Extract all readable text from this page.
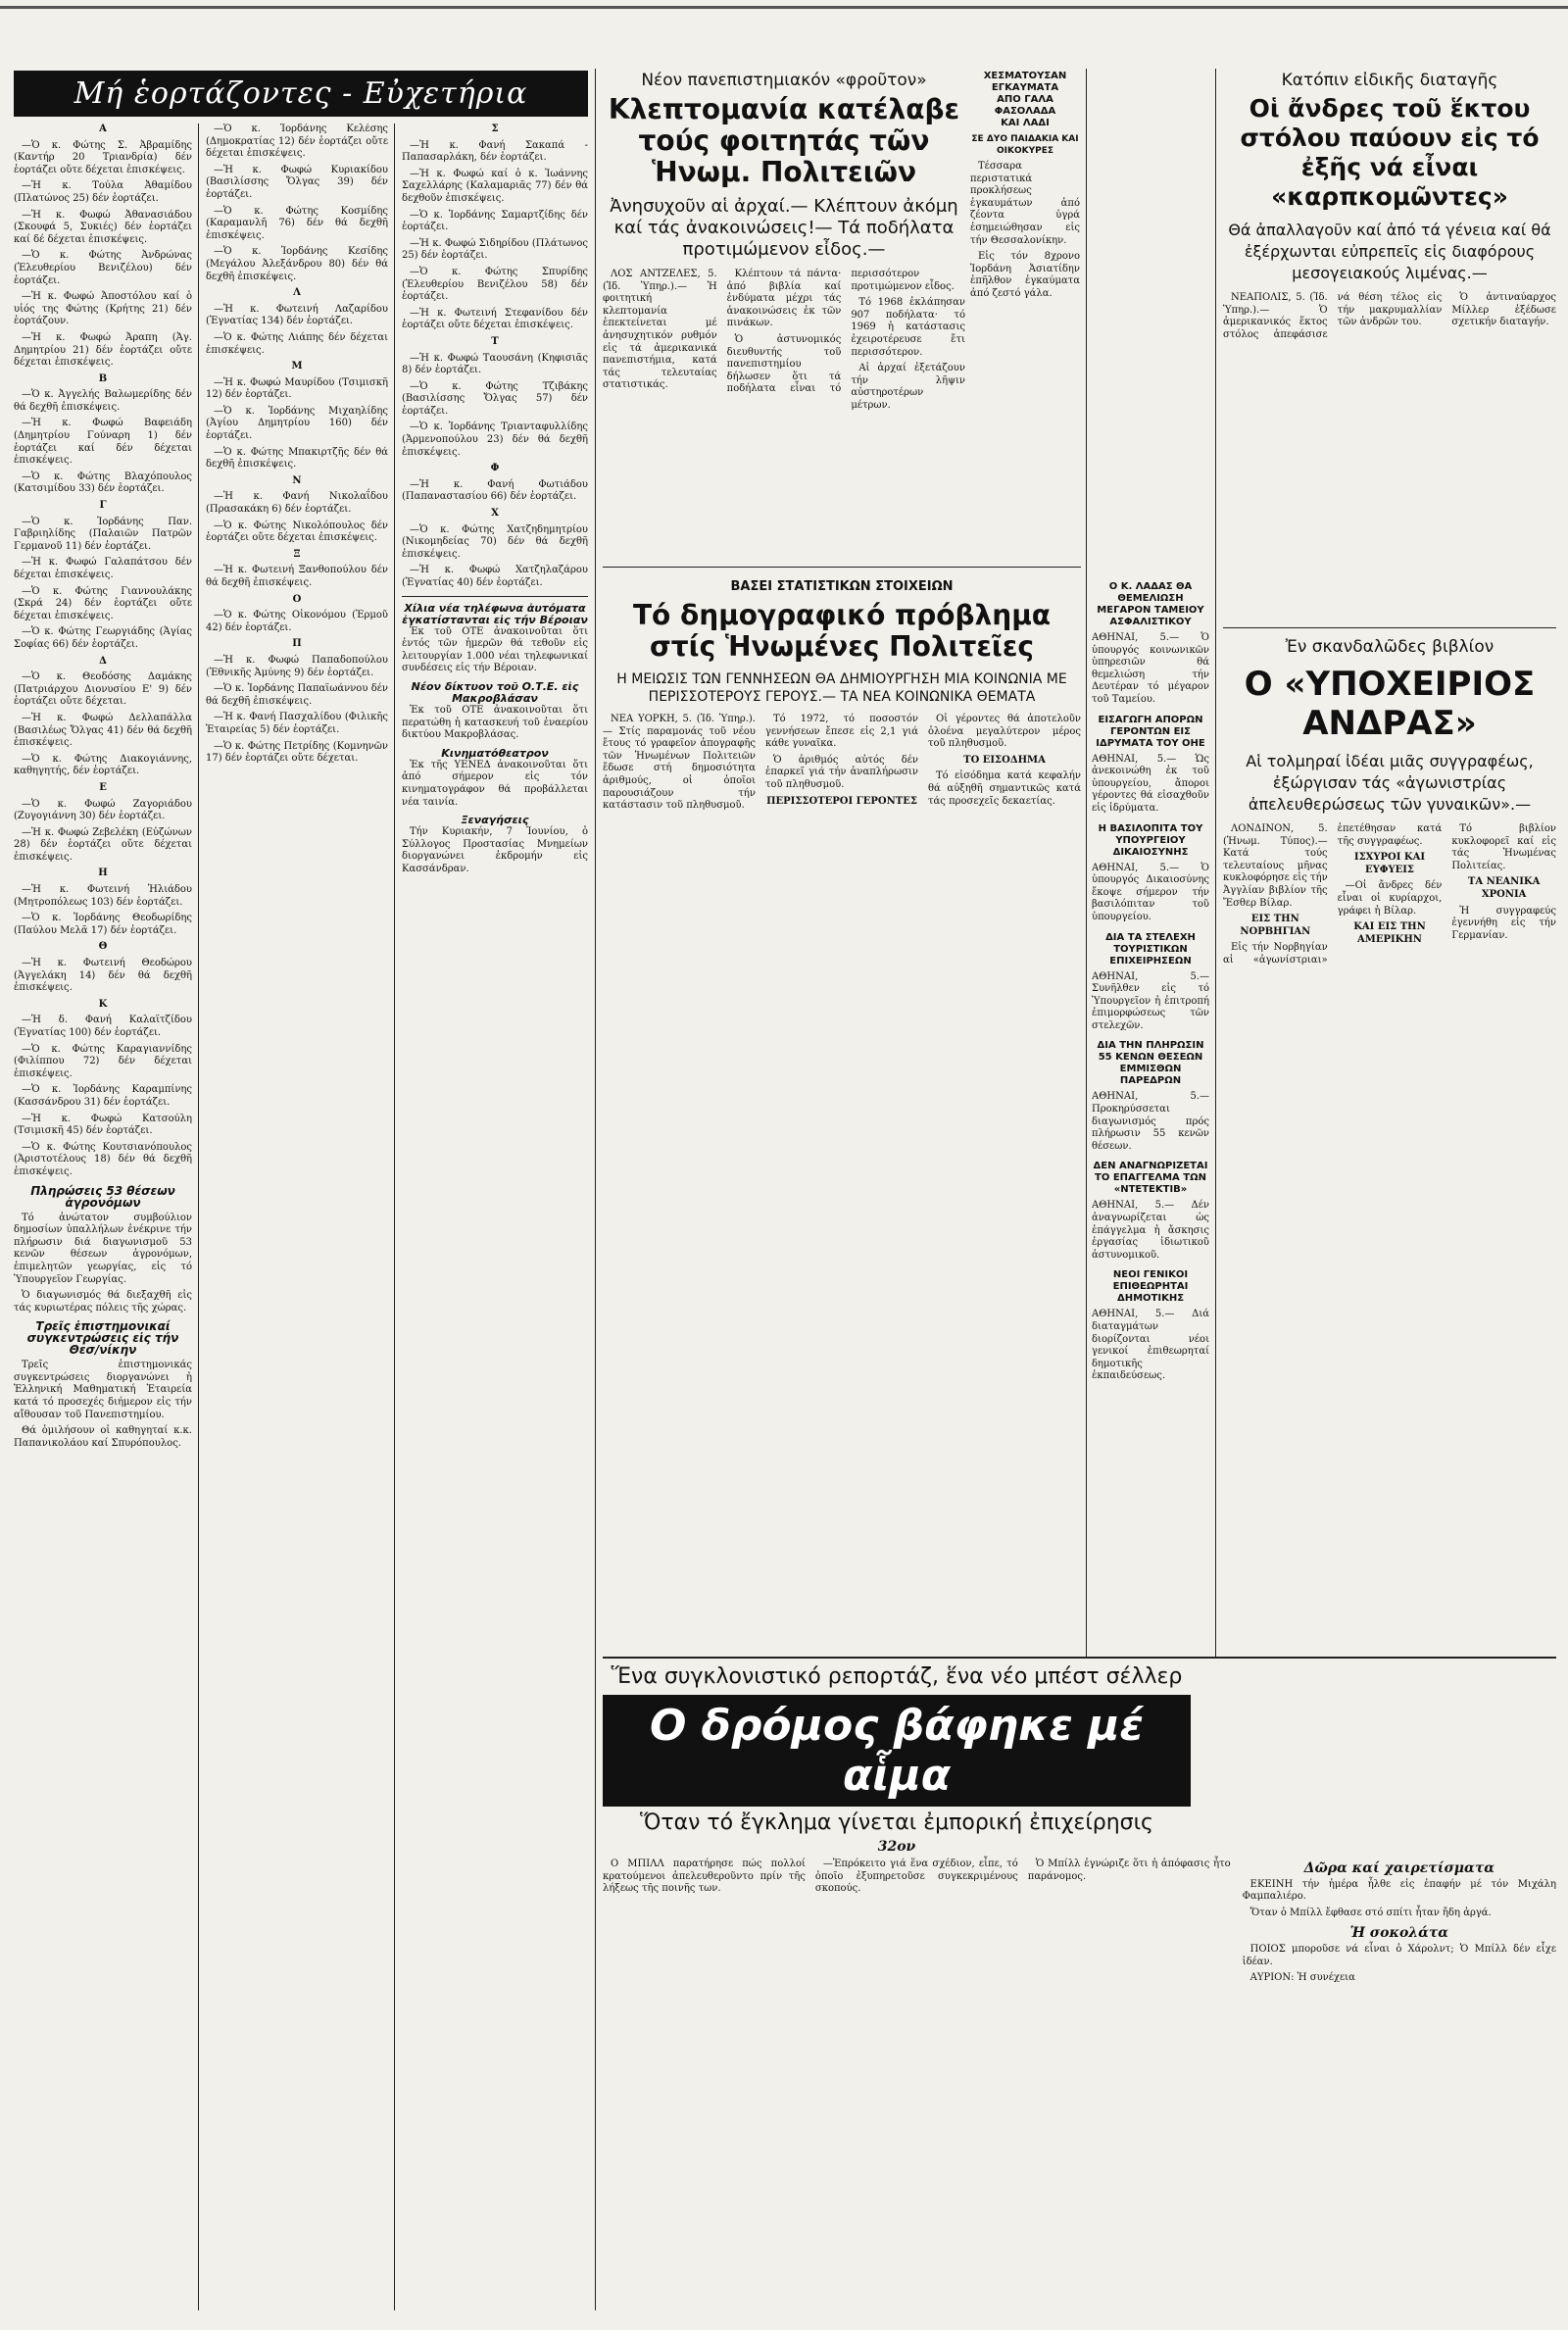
Μή ἑορτάζοντες - Εὐχετήρια

Α

—Ὁ κ. Φώτης Σ. Ἀβραμίδης (Καντήρ 20 Τριανδρία) δέν ἑορτάζει οὔτε δέχεται ἐπισκέψεις.

—Ἡ κ. Τούλα Ἀθαμίδου (Πλατώνος 25) δέν ἑορτάζει.

—Ἡ κ. Φωφώ Ἀθανασιάδου (Σκουφά 5, Συκιές) δέν ἑορτάζει καί δέ δέχεται ἐπισκέψεις.

—Ὁ κ. Φώτης Ἀνδρώνας (Ἐλευθερίου Βενιζέλου) δέν ἑορτάζει.

—Ἡ κ. Φωφώ Ἀποστόλου καί ὁ υἱός της Φώτης (Κρήτης 21) δέν ἑορτάζουν.

—Ἡ κ. Φωφώ Ἀραπη (Ἁγ. Δημητρίου 21) δέν ἑορτάζει οὔτε δέχεται ἐπισκέψεις.

Β

—Ὁ κ. Ἀγγελής Βαλωμερίδης δέν θά δεχθῆ ἐπισκέψεις.

—Ἡ κ. Φωφώ Βαφειάδη (Δημητρίου Γούναρη 1) δέν ἑορτάζει καί δέν δέχεται ἐπισκέψεις.

—Ὁ κ. Φώτης Βλαχόπουλος (Κατσιμίδου 33) δέν ἑορτάζει.

Γ

—Ὁ κ. Ἰορδάνης Παν. Γαβριηλίδης (Παλαιῶν Πατρῶν Γερμανοῦ 11) δέν ἑορτάζει.

—Ἡ κ. Φωφώ Γαλαπάτσου δέν δέχεται ἐπισκέψεις.

—Ὁ κ. Φώτης Γιαννουλάκης (Σκρά 24) δέν ἑορτάζει οὔτε δέχεται ἐπισκέψεις.

—Ὁ κ. Φώτης Γεωργιάδης (Ἁγίας Σοφίας 66) δέν ἑορτάζει.

Δ

—Ὁ κ. Θεοδόσης Δαμάκης (Πατριάρχου Διονυσίου Ε' 9) δέν ἑορτάζει οὔτε δέχεται.

—Ἡ κ. Φωφώ Δελλαπάλλα (Βασιλέως Ὄλγας 41) δέν θά δεχθῆ ἐπισκέψεις.

—Ὁ κ. Φώτης Διακογιάννης, καθηγητής, δέν ἑορτάζει.

Ε

—Ὁ κ. Φωφώ Ζαγοριάδου (Ζυγογιάννη 30) δέν ἑορτάζει.

—Ἡ κ. Φωφώ Ζεβελέκη (Εὐζώνων 28) δέν ἑορτάζει οὔτε δέχεται ἐπισκέψεις.

Η

—Ἡ κ. Φωτεινή Ἠλιάδου (Μητροπόλεως 103) δέν ἑορτάζει.

—Ὁ κ. Ἰορδάνης Θεοδωρίδης (Παύλου Μελᾶ 17) δέν ἑορτάζει.

Θ

—Ἡ κ. Φωτεινή Θεοδώρου (Ἀγγελάκη 14) δέν θά δεχθῆ ἐπισκέψεις.

Κ

—Ἡ δ. Φανή Καλαϊτζίδου (Ἐγνατίας 100) δέν ἑορτάζει.

—Ὁ κ. Φώτης Καραγιαννίδης (Φιλίππου 72) δέν δέχεται ἐπισκέψεις.

—Ὁ κ. Ἰορδάνης Καραμπίνης (Κασσάνδρου 31) δέν ἑορτάζει.

—Ἡ κ. Φωφώ Κατσούλη (Τσιμισκῆ 45) δέν ἑορτάζει.

—Ὁ κ. Φώτης Κουτσιανόπουλος (Ἀριστοτέλους 18) δέν θά δεχθῆ ἐπισκέψεις.

Πληρώσεις 53 θέσεων ἀγρονόμων

Τό ἀνώτατον συμβούλιον δημοσίων ὑπαλλήλων ἐνέκρινε τήν πλήρωσιν διά διαγωνισμοῦ 53 κενῶν θέσεων ἀγρονόμων, ἐπιμελητῶν γεωργίας, εἰς τό Ὑπουργεῖον Γεωργίας.

Ὁ διαγωνισμός θά διεξαχθῆ εἰς τάς κυριωτέρας πόλεις τῆς χώρας.

Τρεῖς ἐπιστημονικαί συγκεντρώσεις εἰς τήν Θεσ/νίκην

Τρεῖς ἐπιστημονικάς συγκεντρώσεις διοργανώνει ἡ Ἑλληνική Μαθηματική Ἑταιρεία κατά τό προσεχές διήμερον εἰς τήν αἴθουσαν τοῦ Πανεπιστημίου.

Θά ὁμιλήσουν οἱ καθηγηταί κ.κ. Παπανικολάου καί Σπυρόπουλος.

—Ὁ κ. Ἰορδάνης Κελέσης (Δημοκρατίας 12) δέν ἑορτάζει οὔτε δέχεται ἐπισκέψεις.

—Ἡ κ. Φωφώ Κυριακίδου (Βασιλίσσης Ὄλγας 39) δέν ἑορτάζει.

—Ὁ κ. Φώτης Κοσμίδης (Καραμανλῆ 76) δέν θά δεχθῆ ἐπισκέψεις.

—Ὁ κ. Ἰορδάνης Κεσίδης (Μεγάλου Ἀλεξάνδρου 80) δέν θά δεχθῆ ἐπισκέψεις.

Λ

—Ἡ κ. Φωτεινή Λαζαρίδου (Ἐγνατίας 134) δέν ἑορτάζει.

—Ὁ κ. Φώτης Λιάπης δέν δέχεται ἐπισκέψεις.

Μ

—Ἡ κ. Φωφώ Μαυρίδου (Τσιμισκῆ 12) δέν ἑορτάζει.

—Ὁ κ. Ἰορδάνης Μιχαηλίδης (Ἀγίου Δημητρίου 160) δέν ἑορτάζει.

—Ὁ κ. Φώτης Μπακιρτζῆς δέν θά δεχθῆ ἐπισκέψεις.

Ν

—Ἡ κ. Φανή Νικολαΐδου (Πρασακάκη 6) δέν ἑορτάζει.

—Ὁ κ. Φώτης Νικολόπουλος δέν ἑορτάζει οὔτε δέχεται ἐπισκέψεις.

Ξ

—Ἡ κ. Φωτεινή Ξανθοπούλου δέν θά δεχθῆ ἐπισκέψεις.

Ο

—Ὁ κ. Φώτης Οἰκονόμου (Ἐρμοῦ 42) δέν ἑορτάζει.

Π

—Ἡ κ. Φωφώ Παπαδοπούλου (Ἐθνικῆς Ἀμύνης 9) δέν ἑορτάζει.

—Ὁ κ. Ἰορδάνης Παπαϊωάννου δέν θά δεχθῆ ἐπισκέψεις.

—Ἡ κ. Φανή Πασχαλίδου (Φιλικῆς Ἑταιρείας 5) δέν ἑορτάζει.

—Ὁ κ. Φώτης Πετρίδης (Κομνηνῶν 17) δέν ἑορτάζει οὔτε δέχεται.

Σ

—Ἡ κ. Φανή Σακαπά - Παπασαρλάκη, δέν ἑορτάζει.

—Ἡ κ. Φωφώ καί ὁ κ. Ἰωάννης Σαχελλάρης (Καλαμαριᾶς 77) δέν θά δεχθοῦν ἐπισκέψεις.

—Ὁ κ. Ἰορδάνης Σαμαρτζίδης δέν ἑορτάζει.

—Ἡ κ. Φωφώ Σιδηρίδου (Πλάτωνος 25) δέν ἑορτάζει.

—Ὁ κ. Φώτης Σπυρίδης (Ἐλευθερίου Βενιζέλου 58) δέν ἑορτάζει.

—Ἡ κ. Φωτεινή Στεφανίδου δέν ἑορτάζει οὔτε δέχεται ἐπισκέψεις.

Τ

—Ἡ κ. Φωφώ Ταουσάνη (Κηφισιᾶς 8) δέν ἑορτάζει.

—Ὁ κ. Φώτης Τζιβάκης (Βασιλίσσης Ὄλγας 57) δέν ἑορτάζει.

—Ὁ κ. Ἰορδάνης Τριανταφυλλίδης (Ἀρμενοπούλου 23) δέν θά δεχθῆ ἐπισκέψεις.

Φ

—Ἡ κ. Φανή Φωτιάδου (Παπαναστασίου 66) δέν ἑορτάζει.

Χ

—Ὁ κ. Φώτης Χατζηδημητρίου (Νικομηδείας 70) δέν θά δεχθῆ ἐπισκέψεις.

—Ἡ κ. Φωφώ Χατζηλαζάρου (Ἐγνατίας 40) δέν ἑορτάζει.

Χίλια νέα τηλέφωνα ἀυτόματα ἐγκατίστανται εἰς τήν Βέροιαν

Ἐκ τοῦ ΟΤΕ ἀνακοινοῦται ὅτι ἐντός τῶν ἡμερῶν θά τεθοῦν εἰς λειτουργίαν 1.000 νέαι τηλεφωνικαί συνδέσεις εἰς τήν Βέροιαν.

Νέον δίκτυον τοῦ Ο.Τ.Ε. εἰς Μακροβλάσαν

Ἐκ τοῦ ΟΤΕ ἀνακοινοῦται ὅτι περατώθη ἡ κατασκευή τοῦ ἐναερίου δικτύου Μακροβλάσας.

Κινηματόθεατρον

Ἐκ τῆς ΥΕΝΕΔ ἀνακοινοῦται ὅτι ἀπό σήμερον εἰς τόν κινηματογράφον θά προβάλλεται νέα ταινία.

Ξεναγήσεις

Τήν Κυριακήν, 7 Ἰουνίου, ὁ Σύλλογος Προστασίας Μνημείων διοργανώνει ἐκδρομήν εἰς Κασσάνδραν.

Νέον πανεπιστημιακόν «φροῦτον»
Κλεπτομανία κατέλαβε τούς φοιτητάς τῶν Ἡνωμ. Πολιτειῶν
Ἀνησυχοῦν αἱ ἀρχαί.— Κλέπτουν ἀκόμη καί τάς ἀνακοινώσεις!— Τά ποδήλατα προτιμώμενον εἶδος.—

ΛΟΣ ΑΝΤΖΕΛΕΣ, 5. (Ἰδ. Ὑπηρ.).— Ἡ φοιτητική κλεπτομανία ἐπεκτείνεται μέ ἀνησυχητικόν ρυθμόν εἰς τά ἀμερικανικά πανεπιστήμια, κατά τάς τελευταίας στατιστικάς.

Κλέπτουν τά πάντα· ἀπό βιβλία καί ἐνδύματα μέχρι τάς ἀνακοινώσεις ἐκ τῶν πινάκων.

Ὁ ἀστυνομικός διευθυντής τοῦ πανεπιστημίου δήλωσεν ὅτι τά ποδήλατα εἶναι τό περισσότερον προτιμώμενον εἶδος.

Τό 1968 ἐκλάπησαν 907 ποδήλατα· τό 1969 ἡ κατάστασις ἐχειροτέρευσε ἔτι περισσότερον.

Αἱ ἀρχαί ἐξετάζουν τήν λῆψιν αὐστηροτέρων μέτρων.

ΧΕΣΜΑΤΟΥΣΑΝ
ΕΓΚΑΥΜΑΤΑ
ΑΠΟ ΓΑΛΑ
ΦΑΣΟΛΑΔΑ
ΚΑΙ ΛΑΔΙ
ΣΕ ΔΥΟ ΠΑΙΔΑΚΙΑ ΚΑΙ ΟΙΚΟΚΥΡΕΣ

Τέσσαρα περιστατικά προκλήσεως ἐγκαυμάτων ἀπό ζέοντα ὑγρά ἐσημειώθησαν εἰς τήν Θεσσαλονίκην.

Εἰς τόν 8χρονο Ἰορδάνη Ἀσιατίδην ἐπῆλθον ἐγκαύματα ἀπό ζεστό γάλα.

ΒΑΣΕΙ ΣΤΑΤΙΣΤΙΚΩΝ ΣΤΟΙΧΕΙΩΝ
Τό δημογραφικό πρόβλημα στίς Ἡνωμένες Πολιτεῖες
Η ΜΕΙΩΣΙΣ ΤΩΝ ΓΕΝΝΗΣΕΩΝ ΘΑ ΔΗΜΙΟΥΡΓΗΣΗ ΜΙΑ ΚΟΙΝΩΝΙΑ ΜΕ ΠΕΡΙΣΣΟΤΕΡΟΥΣ ΓΕΡΟΥΣ.— ΤΑ ΝΕΑ ΚΟΙΝΩΝΙΚΑ ΘΕΜΑΤΑ

ΝΕΑ ΥΟΡΚΗ, 5. (Ἰδ. Ὑπηρ.).— Στίς παραμονάς τοῦ νέου ἔτους τό γραφεῖον ἀπογραφῆς τῶν Ἡνωμένων Πολιτειῶν ἔδωσε στή δημοσιότητα ἀριθμούς, οἱ ὁποῖοι παρουσιάζουν τήν κατάστασιν τοῦ πληθυσμοῦ.

Τό 1972, τό ποσοστόν γεννήσεων ἔπεσε εἰς 2,1 γιά κάθε γυναῖκα.

Ὁ ἀριθμός αὐτός δέν ἐπαρκεῖ γιά τήν ἀναπλήρωσιν τοῦ πληθυσμοῦ.

ΠΕΡΙΣΣΟΤΕΡΟΙ ΓΕΡΟΝΤΕΣ

Οἱ γέροντες θά ἀποτελοῦν ὁλοένα μεγαλύτερον μέρος τοῦ πληθυσμοῦ.

ΤΟ ΕΙΣΟΔΗΜΑ

Τό εἰσόδημα κατά κεφαλήν θά αὐξηθῆ σημαντικῶς κατά τάς προσεχεῖς δεκαετίας.

Ο Κ. ΛΑΔΑΣ ΘΑ ΘΕΜΕΛΙΩΣΗ ΜΕΓΑΡΟΝ ΤΑΜΕΙΟΥ ΑΣΦΑΛΙΣΤΙΚΟΥ
ΑΘΗΝΑΙ, 5.— Ὁ ὑπουργός κοινωνικῶν ὑπηρεσιῶν θά θεμελιώση τήν Δευτέραν τό μέγαρον τοῦ Ταμείου.
ΕΙΣΑΓΩΓΗ ΑΠΟΡΩΝ ΓΕΡΟΝΤΩΝ ΕΙΣ ΙΔΡΥΜΑΤΑ ΤΟΥ ΟΗΕ
ΑΘΗΝΑΙ, 5.— Ὡς ἀνεκοινώθη ἐκ τοῦ ὑπουργείου, ἄποροι γέροντες θά εἰσαχθοῦν εἰς ἱδρύματα.
Η ΒΑΣΙΛΟΠΙΤΑ ΤΟΥ ΥΠΟΥΡΓΕΙΟΥ ΔΙΚΑΙΟΣΥΝΗΣ
ΑΘΗΝΑΙ, 5.— Ὁ ὑπουργός Δικαιοσύνης ἔκοψε σήμερον τήν βασιλόπιταν τοῦ ὑπουργείου.
ΔΙΑ ΤΑ ΣΤΕΛΕΧΗ ΤΟΥΡΙΣΤΙΚΩΝ ΕΠΙΧΕΙΡΗΣΕΩΝ
ΑΘΗΝΑΙ, 5.— Συνῆλθεν εἰς τό Ὑπουργεῖον ἡ ἐπιτροπή ἐπιμορφώσεως τῶν στελεχῶν.
ΔΙΑ ΤΗΝ ΠΛΗΡΩΣΙΝ 55 ΚΕΝΩΝ ΘΕΣΕΩΝ ΕΜΜΙΣΘΩΝ ΠΑΡΕΔΡΩΝ
ΑΘΗΝΑΙ, 5.— Προκηρύσσεται διαγωνισμός πρός πλήρωσιν 55 κενῶν θέσεων.
ΔΕΝ ΑΝΑΓΝΩΡΙΖΕΤΑΙ ΤΟ ΕΠΑΓΓΕΛΜΑ ΤΩΝ «ΝΤΕΤΕΚΤΙΒ»
ΑΘΗΝΑΙ, 5.— Δέν ἀναγνωρίζεται ὡς ἐπάγγελμα ἡ ἄσκησις ἐργασίας ἰδιωτικοῦ ἀστυνομικοῦ.
ΝΕΟΙ ΓΕΝΙΚΟΙ ΕΠΙΘΕΩΡΗΤΑΙ ΔΗΜΟΤΙΚΗΣ
ΑΘΗΝΑΙ, 5.— Διά διαταγμάτων διορίζονται νέοι γενικοί ἐπιθεωρηταί δημοτικῆς ἐκπαιδεύσεως.
Κατόπιν εἰδικῆς διαταγῆς
Οἱ ἄνδρες τοῦ ἕκτου στόλου παύουν εἰς τό ἐξῆς νά εἶναι «καρπκομῶντες»
Θά ἀπαλλαγοῦν καί ἀπό τά γένεια καί θά ἐξέρχωνται εὐπρεπεῖς εἰς διαφόρους μεσογειακούς λιμένας.—

ΝΕΑΠΟΛΙΣ, 5. (Ἰδ. Ὑπηρ.).— Ὁ ἀμερικανικός ἕκτος στόλος ἀπεφάσισε νά θέση τέλος εἰς τήν μακρυμαλλίαν τῶν ἀνδρῶν του.

Ὁ ἀντιναύαρχος Μίλλερ ἐξέδωσε σχετικήν διαταγήν.

Ἐν σκανδαλῶδες βιβλίον
Ο «ΥΠΟΧΕΙΡΙΟΣ ΑΝΔΡΑΣ»
Αἱ τολμηραί ἰδέαι μιᾶς συγγραφέως, ἐξώργισαν τάς «ἀγωνιστρίας ἀπελευθερώσεως τῶν γυναικῶν».—

ΛΟΝΔΙΝΟΝ, 5. (Ἠνωμ. Τύπος).— Κατά τούς τελευταίους μῆνας κυκλοφόρησε εἰς τήν Ἀγγλίαν βιβλίον τῆς Ἔσθερ Βίλαρ.

ΕΙΣ ΤΗΝ ΝΟΡΒΗΓΙΑΝ

Εἰς τήν Νορβηγίαν αἱ «ἀγωνίστριαι» ἐπετέθησαν κατά τῆς συγγραφέως.

ΙΣΧΥΡΟΙ ΚΑΙ ΕΥΦΥΕΙΣ

—Οἱ ἄνδρες δέν εἶναι οἱ κυρίαρχοι, γράφει ἡ Βίλαρ.

ΚΑΙ ΕΙΣ ΤΗΝ ΑΜΕΡΙΚΗΝ

Τό βιβλίον κυκλοφορεῖ καί εἰς τάς Ἡνωμένας Πολιτείας.

ΤΑ ΝΕΑΝΙΚΑ ΧΡΟΝΙΑ

Ἡ συγγραφεύς ἐγεννήθη εἰς τήν Γερμανίαν.

Ἕνα συγκλονιστικό ρεπορτάζ, ἕνα νέο μπέστ σέλλερ
Ο δρόμος βάφηκε μέ αἷμα
Ὅταν τό ἔγκλημα γίνεται ἐμπορική ἐπιχείρησις
32ον

Ο ΜΠΙΛΛ παρατήρησε πώς πολλοί κρατούμενοι ἀπελευθεροῦντο πρίν τῆς λήξεως τῆς ποινῆς των.

—Ἐπρόκειτο γιά ἕνα σχέδιον, εἶπε, τό ὁποῖο ἐξυπηρετοῦσε συγκεκριμένους σκοπούς.

Ὁ Μπίλλ ἐγνώριζε ὅτι ἡ ἀπόφασις ἦτο παράνομος.

Δῶρα καί χαιρετίσματα

ΕΚΕΙΝΗ τήν ἡμέρα ἦλθε εἰς ἐπαφήν μέ τόν Μιχάλη Φαμπαλιέρο.

Ὅταν ὁ Μπίλλ ἔφθασε στό σπίτι ἦταν ἤδη ἀργά.

Ἡ σοκολάτα

ΠΟΙΟΣ μποροῦσε νά εἶναι ὁ Χάρολντ; Ὁ Μπίλλ δέν εἶχε ἰδέαν.

ΑΥΡΙΟΝ: Ἡ συνέχεια
